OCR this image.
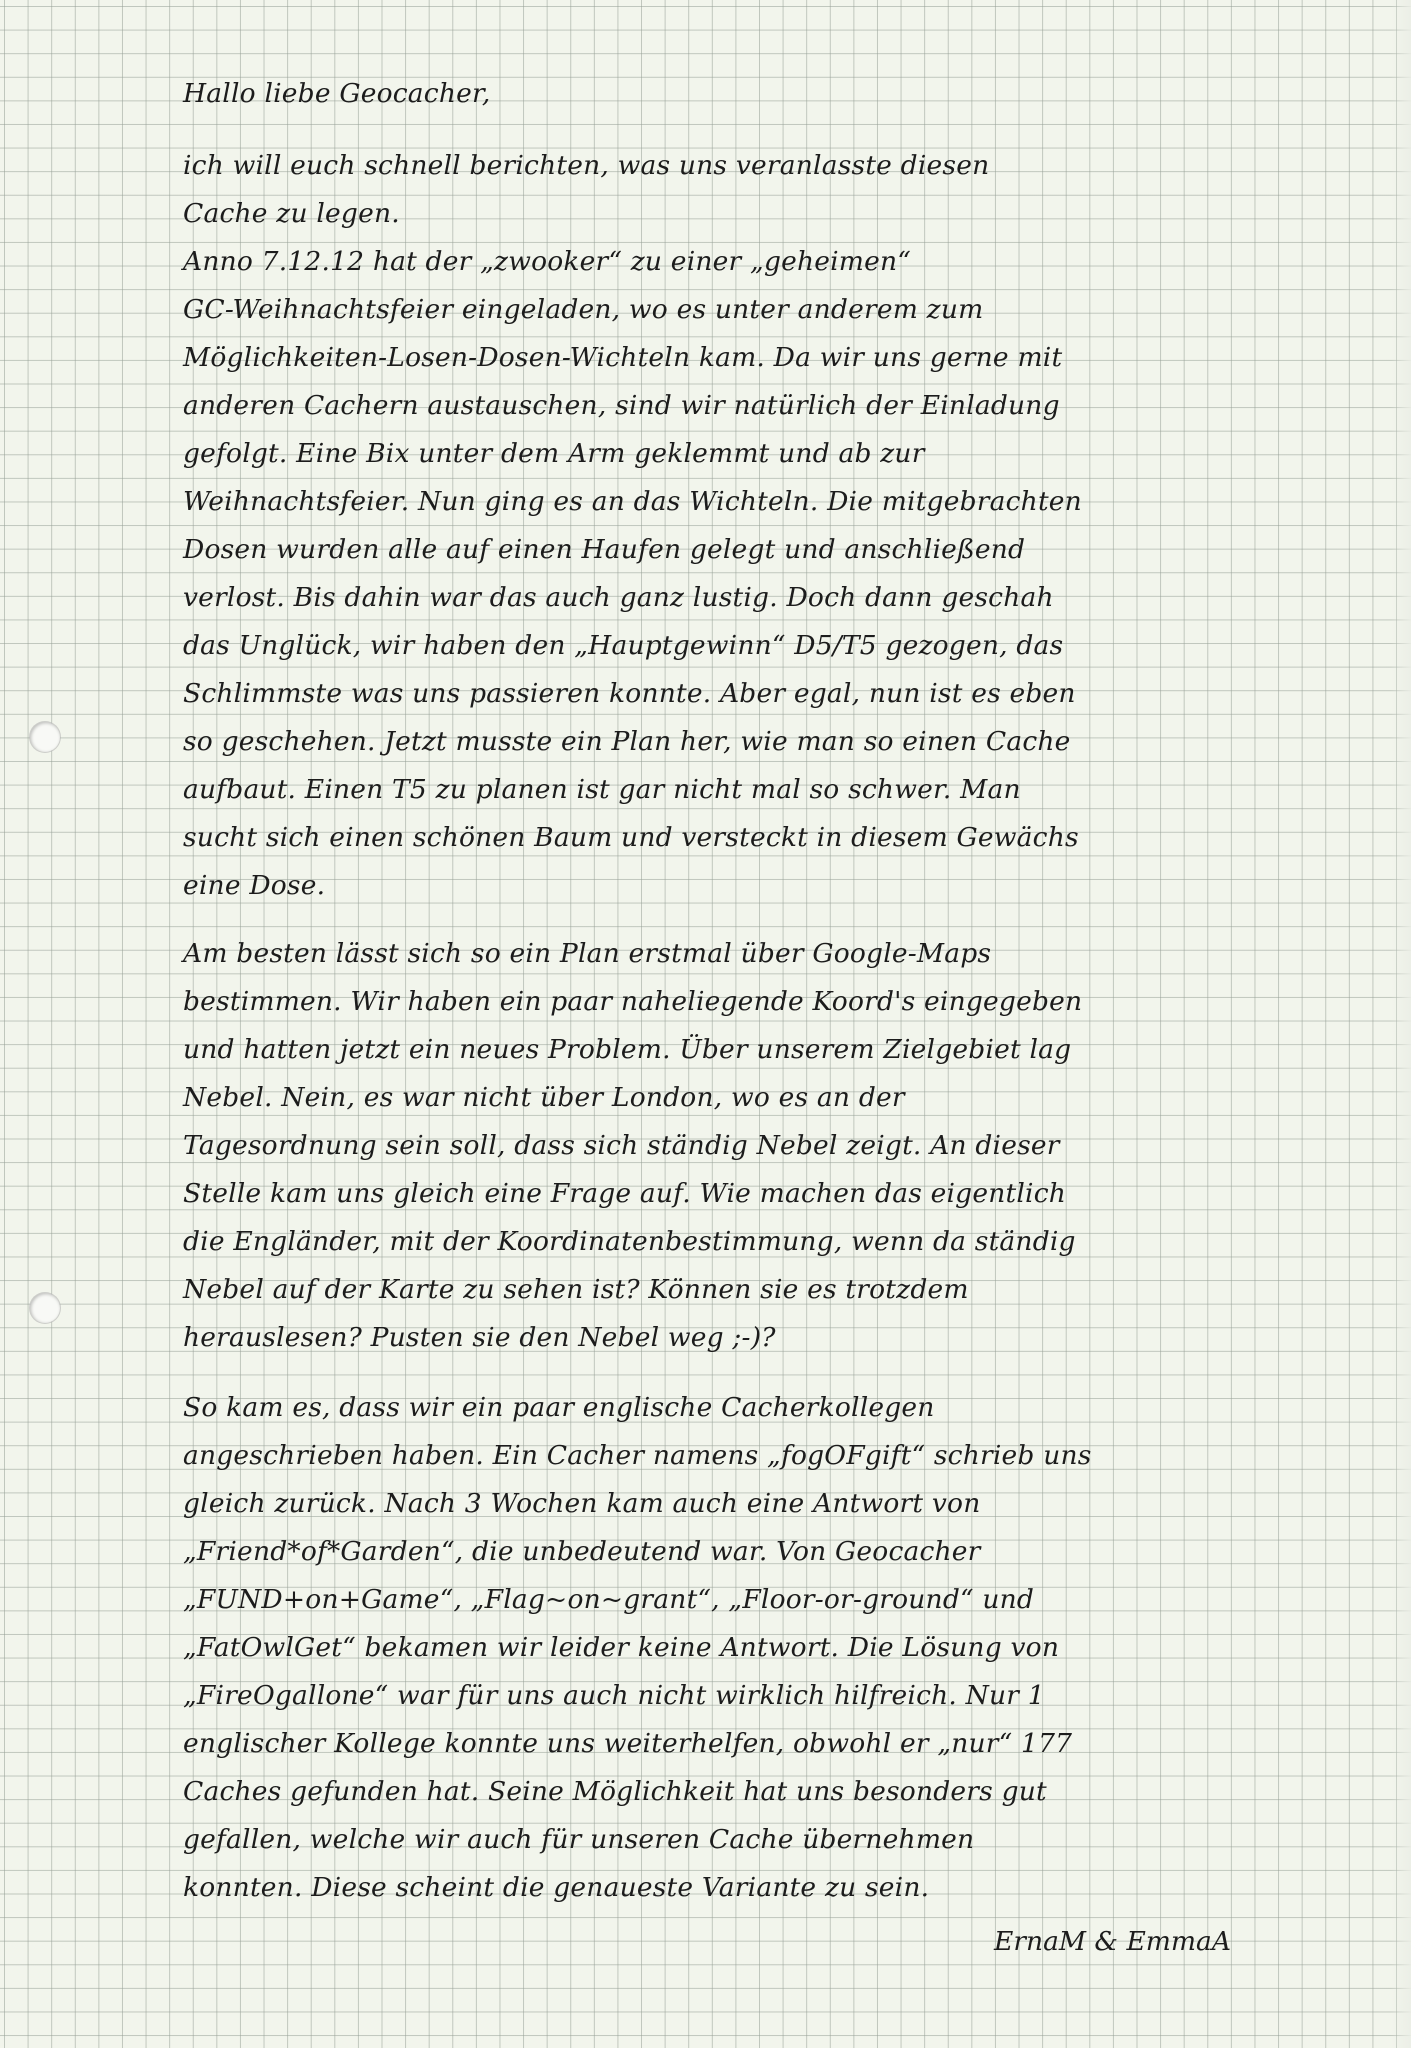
Hallo liebe Geocacher,
ich will euch schnell berichten, was uns veranlasste diesen
Cache zu legen.
Anno 7.12.12 hat der „zwooker“ zu einer „geheimen“
GC-Weihnachtsfeier eingeladen, wo es unter anderem zum
Möglichkeiten-Losen-Dosen-Wichteln kam. Da wir uns gerne mit
anderen Cachern austauschen, sind wir natürlich der Einladung
gefolgt. Eine Bix unter dem Arm geklemmt und ab zur
Weihnachtsfeier. Nun ging es an das Wichteln. Die mitgebrachten
Dosen wurden alle auf einen Haufen gelegt und anschließend
verlost. Bis dahin war das auch ganz lustig. Doch dann geschah
das Unglück, wir haben den „Hauptgewinn“ D5/T5 gezogen, das
Schlimmste was uns passieren konnte. Aber egal, nun ist es eben
so geschehen. Jetzt musste ein Plan her, wie man so einen Cache
aufbaut. Einen T5 zu planen ist gar nicht mal so schwer. Man
sucht sich einen schönen Baum und versteckt in diesem Gewächs
eine Dose.
Am besten lässt sich so ein Plan erstmal über Google-Maps
bestimmen. Wir haben ein paar naheliegende Koord's eingegeben
und hatten jetzt ein neues Problem. Über unserem Zielgebiet lag
Nebel. Nein, es war nicht über London, wo es an der
Tagesordnung sein soll, dass sich ständig Nebel zeigt. An dieser
Stelle kam uns gleich eine Frage auf. Wie machen das eigentlich
die Engländer, mit der Koordinatenbestimmung, wenn da ständig
Nebel auf der Karte zu sehen ist? Können sie es trotzdem
herauslesen? Pusten sie den Nebel weg ;-)?
So kam es, dass wir ein paar englische Cacherkollegen
angeschrieben haben. Ein Cacher namens „fogOFgift“ schrieb uns
gleich zurück. Nach 3 Wochen kam auch eine Antwort von
„Friend*of*Garden“, die unbedeutend war. Von Geocacher
„FUND+on+Game“, „Flag~on~grant“, „Floor-or-ground“ und
„FatOwlGet“ bekamen wir leider keine Antwort. Die Lösung von
„FireOgallone“ war für uns auch nicht wirklich hilfreich. Nur 1
englischer Kollege konnte uns weiterhelfen, obwohl er „nur“ 177
Caches gefunden hat. Seine Möglichkeit hat uns besonders gut
gefallen, welche wir auch für unseren Cache übernehmen
konnten. Diese scheint die genaueste Variante zu sein.
ErnaM & EmmaA
